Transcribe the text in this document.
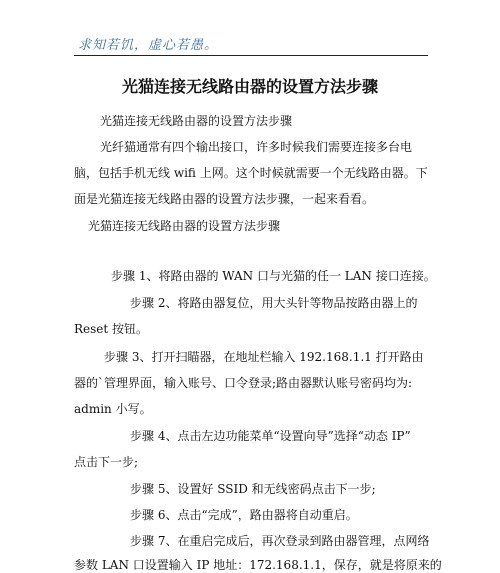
求知若饥，虚心若愚。
光猫连接无线路由器的设置方法步骤
光猫连接无线路由器的设置方法步骤
光纤猫通常有四个输出接口，许多时候我们需要连接多台电
脑，包括手机无线 wifi 上网。这个时候就需要一个无线路由器。下
面是光猫连接无线路由器的设置方法步骤，一起来看看。
光猫连接无线路由器的设置方法步骤
步骤 1、将路由器的 WAN 口与光猫的任一 LAN 接口连接。
步骤 2、将路由器复位，用大头针等物品按路由器上的
Reset 按钮。
步骤 3、打开扫瞄器，在地址栏输入 192.168.1.1 打开路由
器的`管理界面，输入账号、口令登录;路由器默认账号密码均为:
admin 小写。
步骤 4、点击左边功能菜单“设置向导”选择“动态 IP”
点击下一步;
步骤 5、设置好 SSID 和无线密码点击下一步;
步骤 6、点击“完成”，路由器将自动重启。
步骤 7、在重启完成后，再次登录到路由器管理，点网络
参数 LAN 口设置输入 IP 地址：172.168.1.1，保存，就是将原来的
